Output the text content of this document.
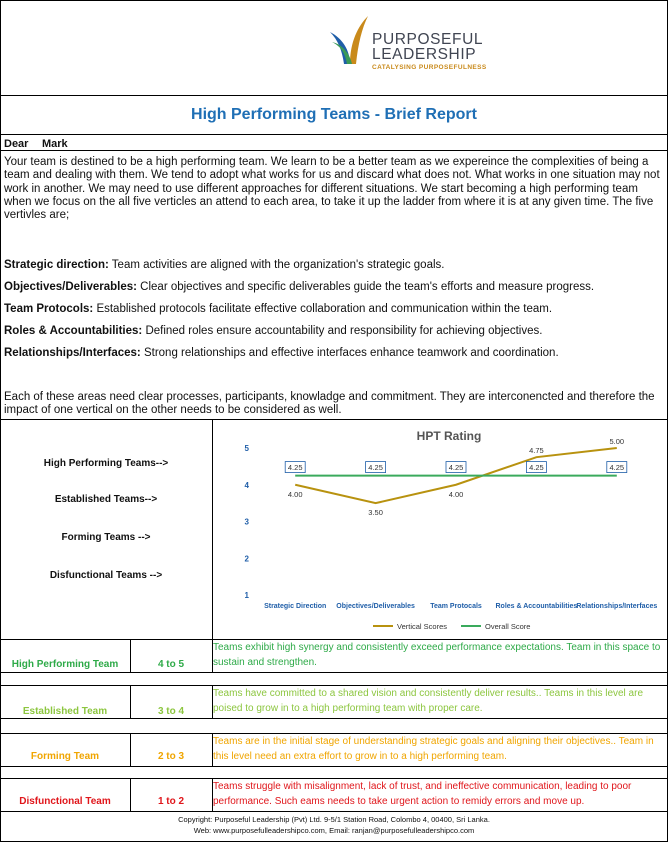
PURPOSEFUL
LEADERSHIP
CATALYSING PURPOSEFULNESS
High Performing Teams - Brief Report
Dear Mark
Your team is destined to be a high performing team. We learn to be a better team as we expereince the complexities of being a team and dealing with them. We tend to adopt what works for us and discard what does not. What works in one situation may not work in another. We may need to use different approaches for different situations. We start becoming a high performing team when we focus on the all five verticles an attend to each area, to take it up the ladder from where it is at any given time. The five vertivles are;
Strategic direction: Team activities are aligned with the organization's strategic goals.
Objectives/Deliverables: Clear objectives and specific deliverables guide the team's efforts and measure progress.
Team Protocols: Established protocols facilitate effective collaboration and communication within the team.
Roles & Accountabilities: Defined roles ensure accountability and responsibility for achieving objectives.
Relationships/Interfaces: Strong relationships and effective interfaces enhance teamwork and coordination.
Each of these areas need clear processes, participants, knowladge and commitment. They are interconencted and therefore the impact of one vertical on the other needs to be considered as well.
High Performing Teams-->
Established Teams-->
Forming Teams -->
Disfunctional Teams -->
HPT Rating
1
2
3
4
5
Strategic Direction Objectives/Deliverables Team Protocals Roles & Accountabilities Relationships/Interfaces
4.00
3.50
4.00
4.75
5.00
4.25	4.25	4.25	4.25	4.25
Vertical Scores	Overall Score
High Performing Team	4 to 5
Teams exhibit high synergy and consistently exceed performance expectations. Team in this space to sustain and strengthen.
Established Team	3 to 4
Teams have committed to a shared vision and consistently deliver results.. Teams in this level are poised to grow in to a high performing team with proper care.
Forming Team	2 to 3
Teams are in the initial stage of understanding strategic goals and aligning their objectives.. Team in this level need an extra effort to grow in to a high performing team.
Disfunctional Team	1 to 2
Teams struggle with misalignment, lack of trust, and ineffective communication, leading to poor performance. Such eams needs to take urgent action to remidy errors and move up.
Copyright: Purposeful Leadership (Pvt) Ltd. 9-5/1 Station Road, Colombo 4, 00400, Sri Lanka.
Web: www.purposefulleadershipco.com, Email: ranjan@purposefulleadershipco.com
